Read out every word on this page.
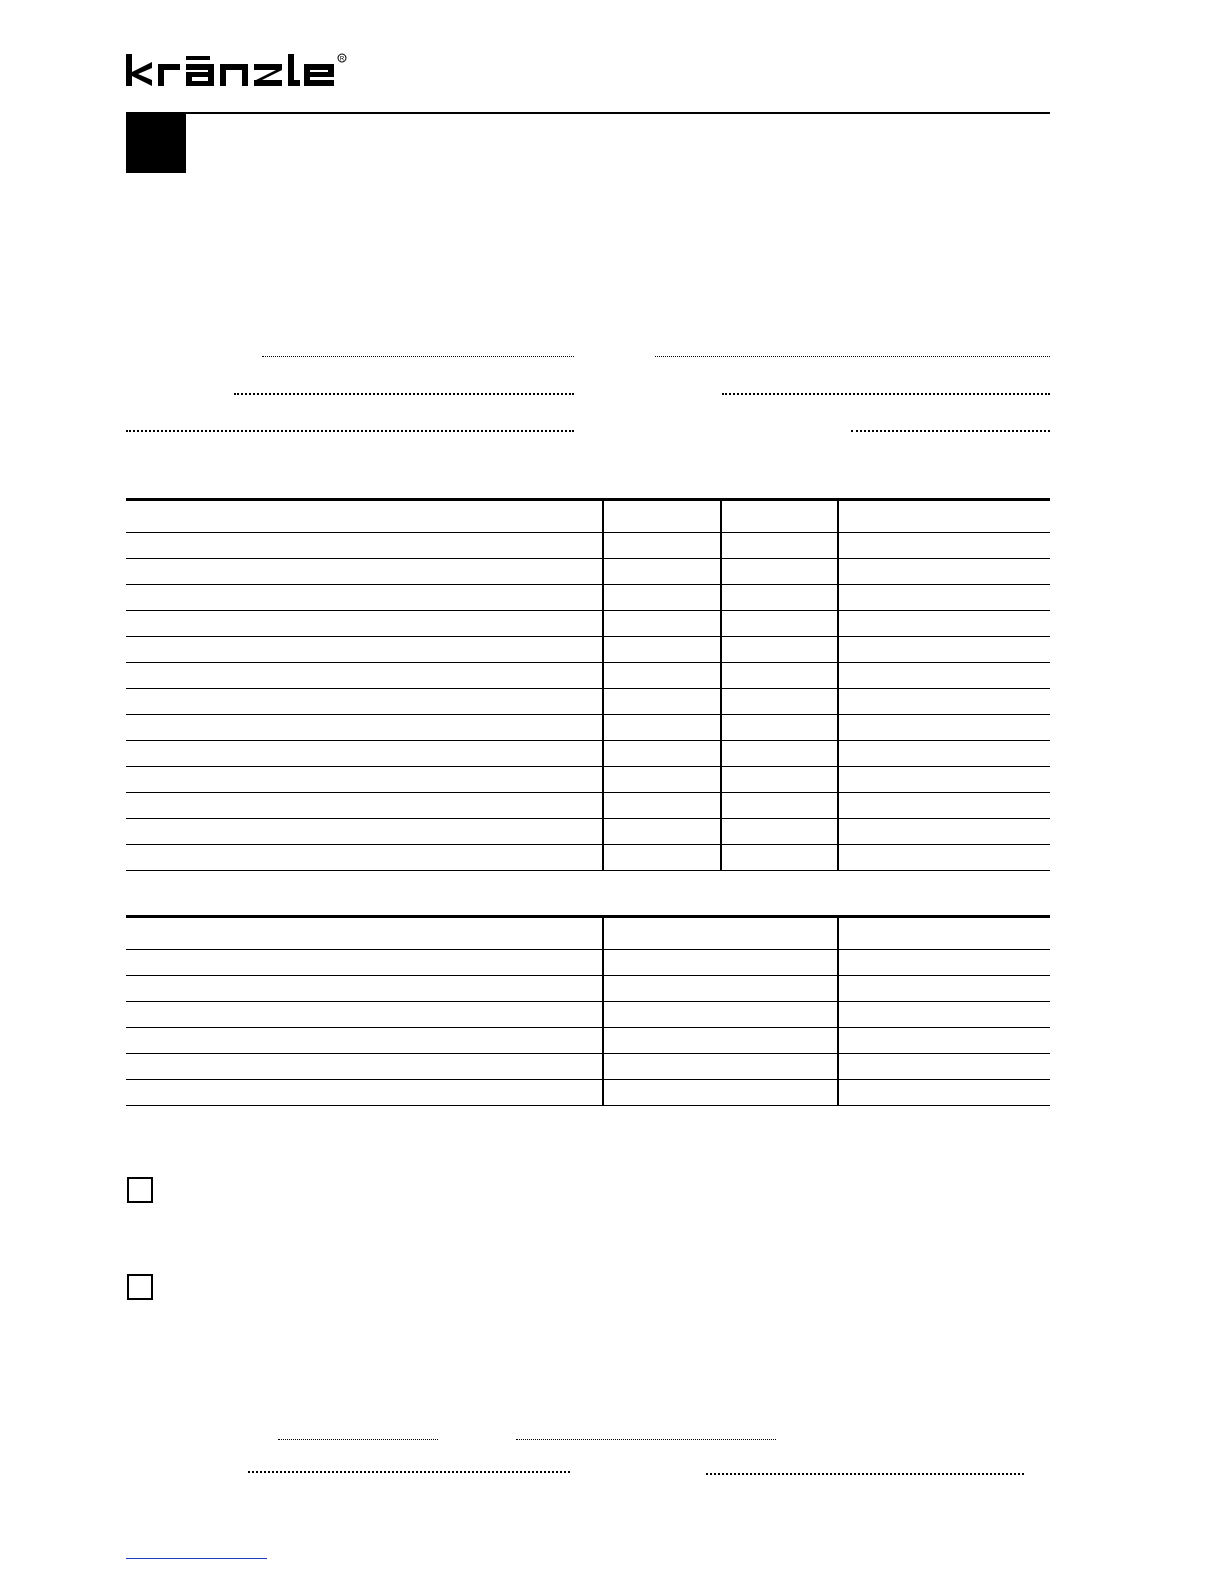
R
